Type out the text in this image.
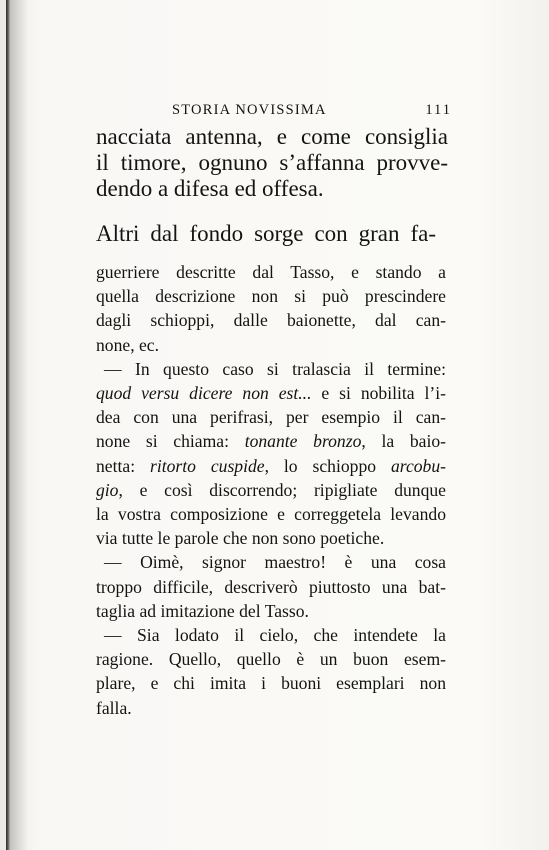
STORIA NOVISSIMA	111
nacciata antenna, e come consiglia
il timore, ognuno s’affanna provve-
dendo a difesa ed offesa.
Altri dal fondo sorge con gran fa-

guerriere descritte dal Tasso, e stando a
quella descrizione non si può prescindere
dagli schioppi, dalle baionette, dal can-
none, ec.

— In questo caso si tralascia il termine:
quod versu dicere non est... e si nobilita l’i-
dea con una perifrasi, per esempio il can-
none si chiama: tonante bronzo, la baio-
netta: ritorto cuspide, lo schioppo arcobu-
gio, e così discorrendo; ripigliate dunque
la vostra composizione e correggetela levando
via tutte le parole che non sono poetiche.

— Oimè, signor maestro! è una cosa
troppo difficile, descriverò piuttosto una bat-
taglia ad imitazione del Tasso.

— Sia lodato il cielo, che intendete la
ragione. Quello, quello è un buon esem-
plare, e chi imita i buoni esemplari non
falla.
